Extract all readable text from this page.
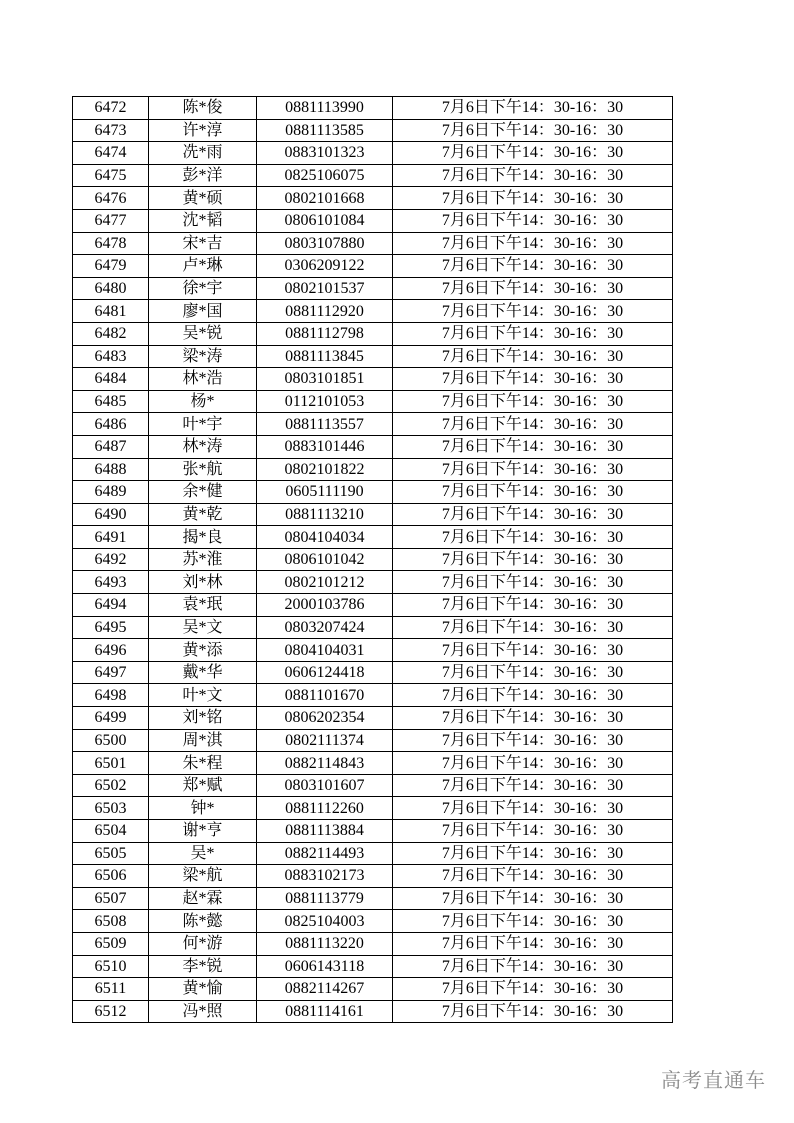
6472	陈*俊	0881113990	7月6日下午14：30-16：30
6473	许*淳	0881113585	7月6日下午14：30-16：30
6474	冼*雨	0883101323	7月6日下午14：30-16：30
6475	彭*洋	0825106075	7月6日下午14：30-16：30
6476	黄*硕	0802101668	7月6日下午14：30-16：30
6477	沈*韬	0806101084	7月6日下午14：30-16：30
6478	宋*吉	0803107880	7月6日下午14：30-16：30
6479	卢*琳	0306209122	7月6日下午14：30-16：30
6480	徐*宇	0802101537	7月6日下午14：30-16：30
6481	廖*国	0881112920	7月6日下午14：30-16：30
6482	吴*锐	0881112798	7月6日下午14：30-16：30
6483	梁*涛	0881113845	7月6日下午14：30-16：30
6484	林*浩	0803101851	7月6日下午14：30-16：30
6485	杨*	0112101053	7月6日下午14：30-16：30
6486	叶*宇	0881113557	7月6日下午14：30-16：30
6487	林*涛	0883101446	7月6日下午14：30-16：30
6488	张*航	0802101822	7月6日下午14：30-16：30
6489	余*健	0605111190	7月6日下午14：30-16：30
6490	黄*乾	0881113210	7月6日下午14：30-16：30
6491	揭*良	0804104034	7月6日下午14：30-16：30
6492	苏*淮	0806101042	7月6日下午14：30-16：30
6493	刘*林	0802101212	7月6日下午14：30-16：30
6494	袁*珉	2000103786	7月6日下午14：30-16：30
6495	吴*文	0803207424	7月6日下午14：30-16：30
6496	黄*添	0804104031	7月6日下午14：30-16：30
6497	戴*华	0606124418	7月6日下午14：30-16：30
6498	叶*文	0881101670	7月6日下午14：30-16：30
6499	刘*铭	0806202354	7月6日下午14：30-16：30
6500	周*淇	0802111374	7月6日下午14：30-16：30
6501	朱*程	0882114843	7月6日下午14：30-16：30
6502	郑*赋	0803101607	7月6日下午14：30-16：30
6503	钟*	0881112260	7月6日下午14：30-16：30
6504	谢*亨	0881113884	7月6日下午14：30-16：30
6505	吴*	0882114493	7月6日下午14：30-16：30
6506	梁*航	0883102173	7月6日下午14：30-16：30
6507	赵*霖	0881113779	7月6日下午14：30-16：30
6508	陈*懿	0825104003	7月6日下午14：30-16：30
6509	何*游	0881113220	7月6日下午14：30-16：30
6510	李*锐	0606143118	7月6日下午14：30-16：30
6511	黄*愉	0882114267	7月6日下午14：30-16：30
6512	冯*照	0881114161	7月6日下午14：30-16：30
高考直通车
